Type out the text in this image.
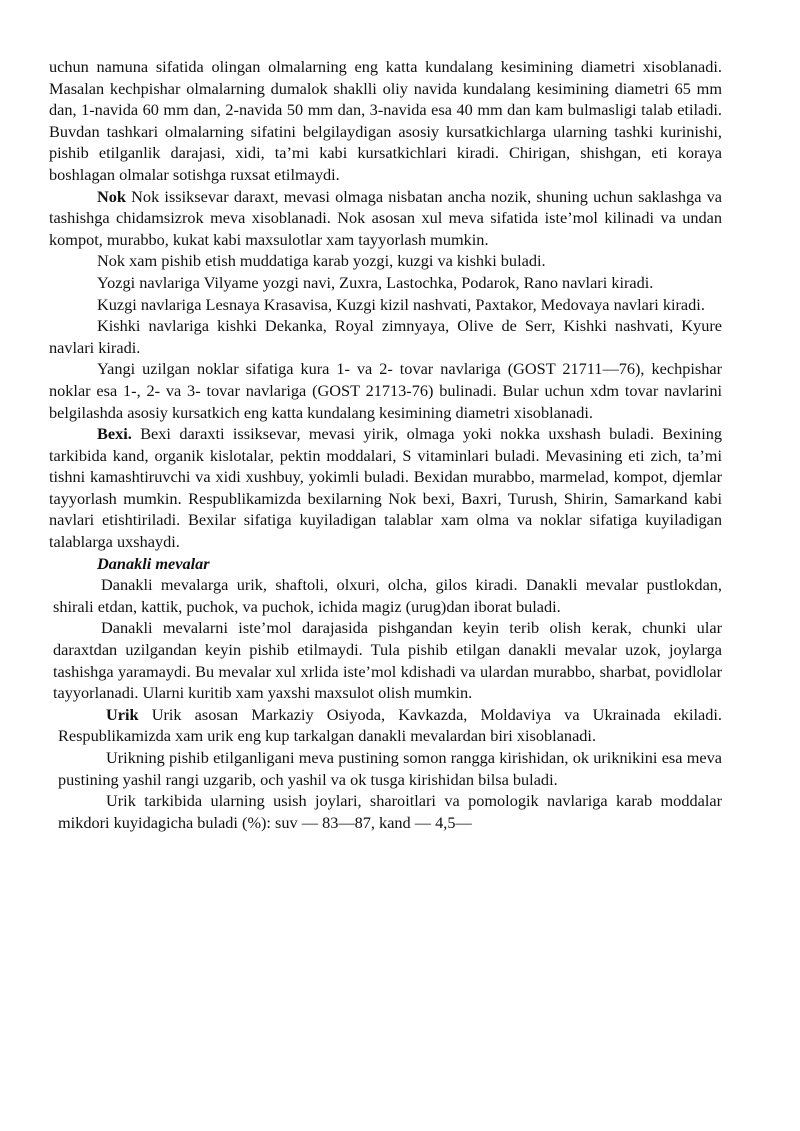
uchun namuna sifatida olingan olmalarning eng katta kundalang kesimining diametri xisoblanadi. Masalan kechpishar olmalarning dumalok shaklli oliy navida kundalang kesimining diametri 65 mm dan, 1-navida 60 mm dan, 2-navida 50 mm dan, 3-navida esa 40 mm dan kam bulmasligi talab etiladi. Buvdan tashkari olmalarning sifatini belgilaydigan asosiy kursatkichlarga ularning tashki kurinishi, pishib etilganlik darajasi, xidi, ta’mi kabi kursatkichlari kiradi. Chirigan, shishgan, eti koraya boshlagan olmalar sotishga ruxsat etilmaydi.

Nok Nok issiksevar daraxt, mevasi olmaga nisbatan ancha nozik, shuning uchun saklashga va tashishga chidamsizrok meva xisoblanadi. Nok asosan xul meva sifatida iste’mol kilinadi va undan kompot, murabbo, kukat kabi maxsulotlar xam tayyorlash mumkin.

Nok xam pishib etish muddatiga karab yozgi, kuzgi va kishki buladi.

Yozgi navlariga Vilyame yozgi navi, Zuxra, Lastochka, Podarok, Rano navlari kiradi.

Kuzgi navlariga Lesnaya Krasavisa, Kuzgi kizil nashvati, Paxtakor, Medovaya navlari kiradi.

Kishki navlariga kishki Dekanka, Royal zimnyaya, Olive de Serr, Kishki nashvati, Kyure navlari kiradi.

Yangi uzilgan noklar sifatiga kura 1- va 2- tovar navlariga (GOST 21711—76), kechpishar noklar esa 1-, 2- va 3- tovar navlariga (GOST 21713-76) bulinadi. Bular uchun xdm tovar navlarini belgilashda asosiy kursatkich eng katta kundalang kesimining diametri xisoblanadi.

Bexi. Bexi daraxti issiksevar, mevasi yirik, olmaga yoki nokka uxshash buladi. Bexining tarkibida kand, organik kislotalar, pektin moddalari, S vitaminlari buladi. Mevasining eti zich, ta’mi tishni kamashtiruvchi va xidi xushbuy, yokimli buladi. Bexidan murabbo, marmelad, kompot, djemlar tayyorlash mumkin. Respublikamizda bexilarning Nok bexi, Baxri, Turush, Shirin, Samarkand kabi navlari etishtiriladi. Bexilar sifatiga kuyiladigan talablar xam olma va noklar sifatiga kuyiladigan talablarga uxshaydi.

Danakli mevalar

Danakli mevalarga urik, shaftoli, olxuri, olcha, gilos kiradi. Danakli mevalar pustlokdan, shirali etdan, kattik, puchok, va puchok, ichida magiz (urug)dan iborat buladi.

Danakli mevalarni iste’mol darajasida pishgandan keyin terib olish kerak, chunki ular daraxtdan uzilgandan keyin pishib etilmaydi. Tula pishib etilgan danakli mevalar uzok, joylarga tashishga yaramaydi. Bu mevalar xul xrlida iste’mol kdishadi va ulardan murabbo, sharbat, povidlolar tayyorlanadi. Ularni kuritib xam yaxshi maxsulot olish mumkin.

Urik Urik asosan Markaziy Osiyoda, Kavkazda, Moldaviya va Ukrainada ekiladi. Respublikamizda xam urik eng kup tarkalgan danakli mevalardan biri xisoblanadi.

Urikning pishib etilganligani meva pustining somon rangga kirishidan, ok uriknikini esa meva pustining yashil rangi uzgarib, och yashil va ok tusga kirishidan bilsa buladi.

Urik tarkibida ularning usish joylari, sharoitlari va pomologik navlariga karab moddalar mikdori kuyidagicha buladi (%): suv — 83—87, kand — 4,5—
